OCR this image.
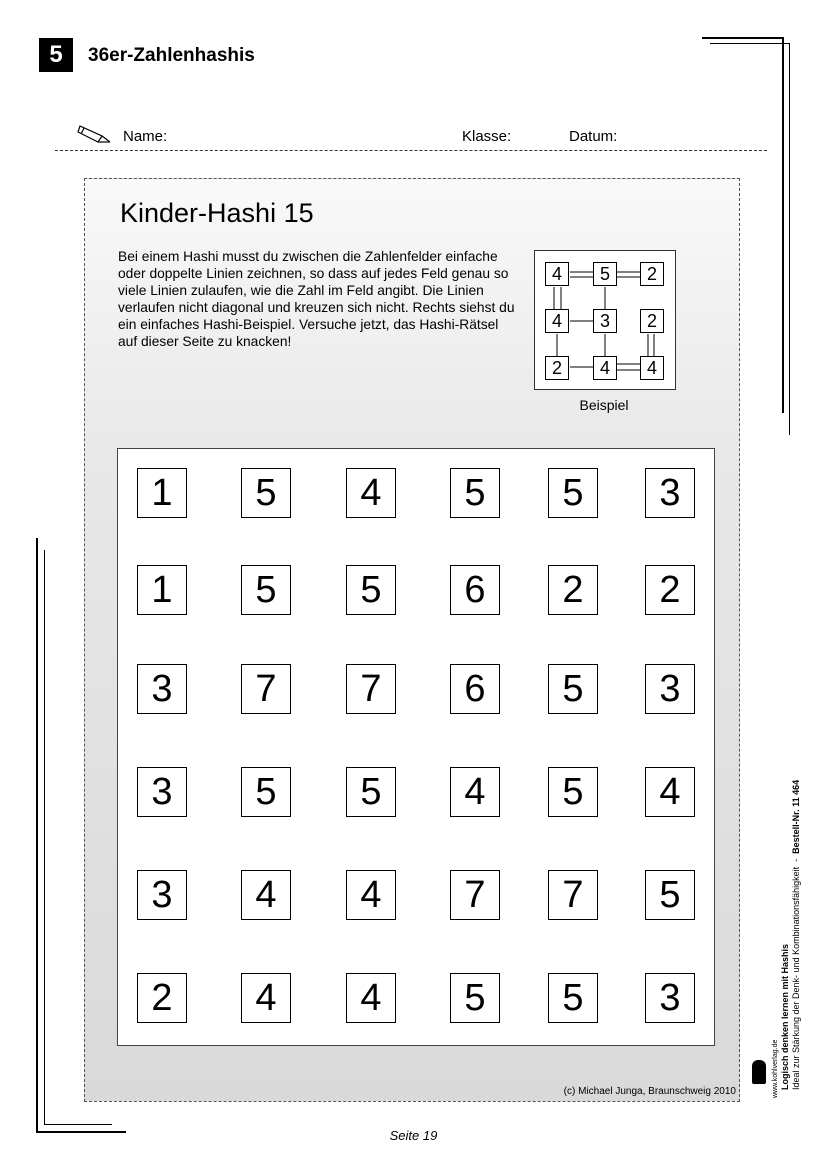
5	36er-Zahlenhashis
Name:	Klasse:	Datum:
Kinder-Hashi 15
Bei einem Hashi musst du zwischen die Zahlenfelder einfache oder doppelte Linien zeichnen, so dass auf jedes Feld genau so viele Linien zulaufen, wie die Zahl im Feld angibt. Die Linien verlaufen nicht diagonal und kreuzen sich nicht. Rechts siehst du ein einfaches Hashi-Beispiel. Versuche jetzt, das Hashi-Rätsel auf dieser Seite zu knacken!
4	5	2
4	3	2
2	4	4
Beispiel
1	5	4	5	5	3
1	5	5	6	2	2
3	7	7	6	5	3
3	5	5	4	5	4
3	4	4	7	7	5
2	4	4	5	5	3
(c) Michael Junga, Braunschweig 2010
Logisch denken lernen mit Hashis Ideal zur Stärkung der Denk- und Kombinationsfähigkeit  -  Bestell-Nr. 11 464
www.kohlverlag.de
Seite 19
